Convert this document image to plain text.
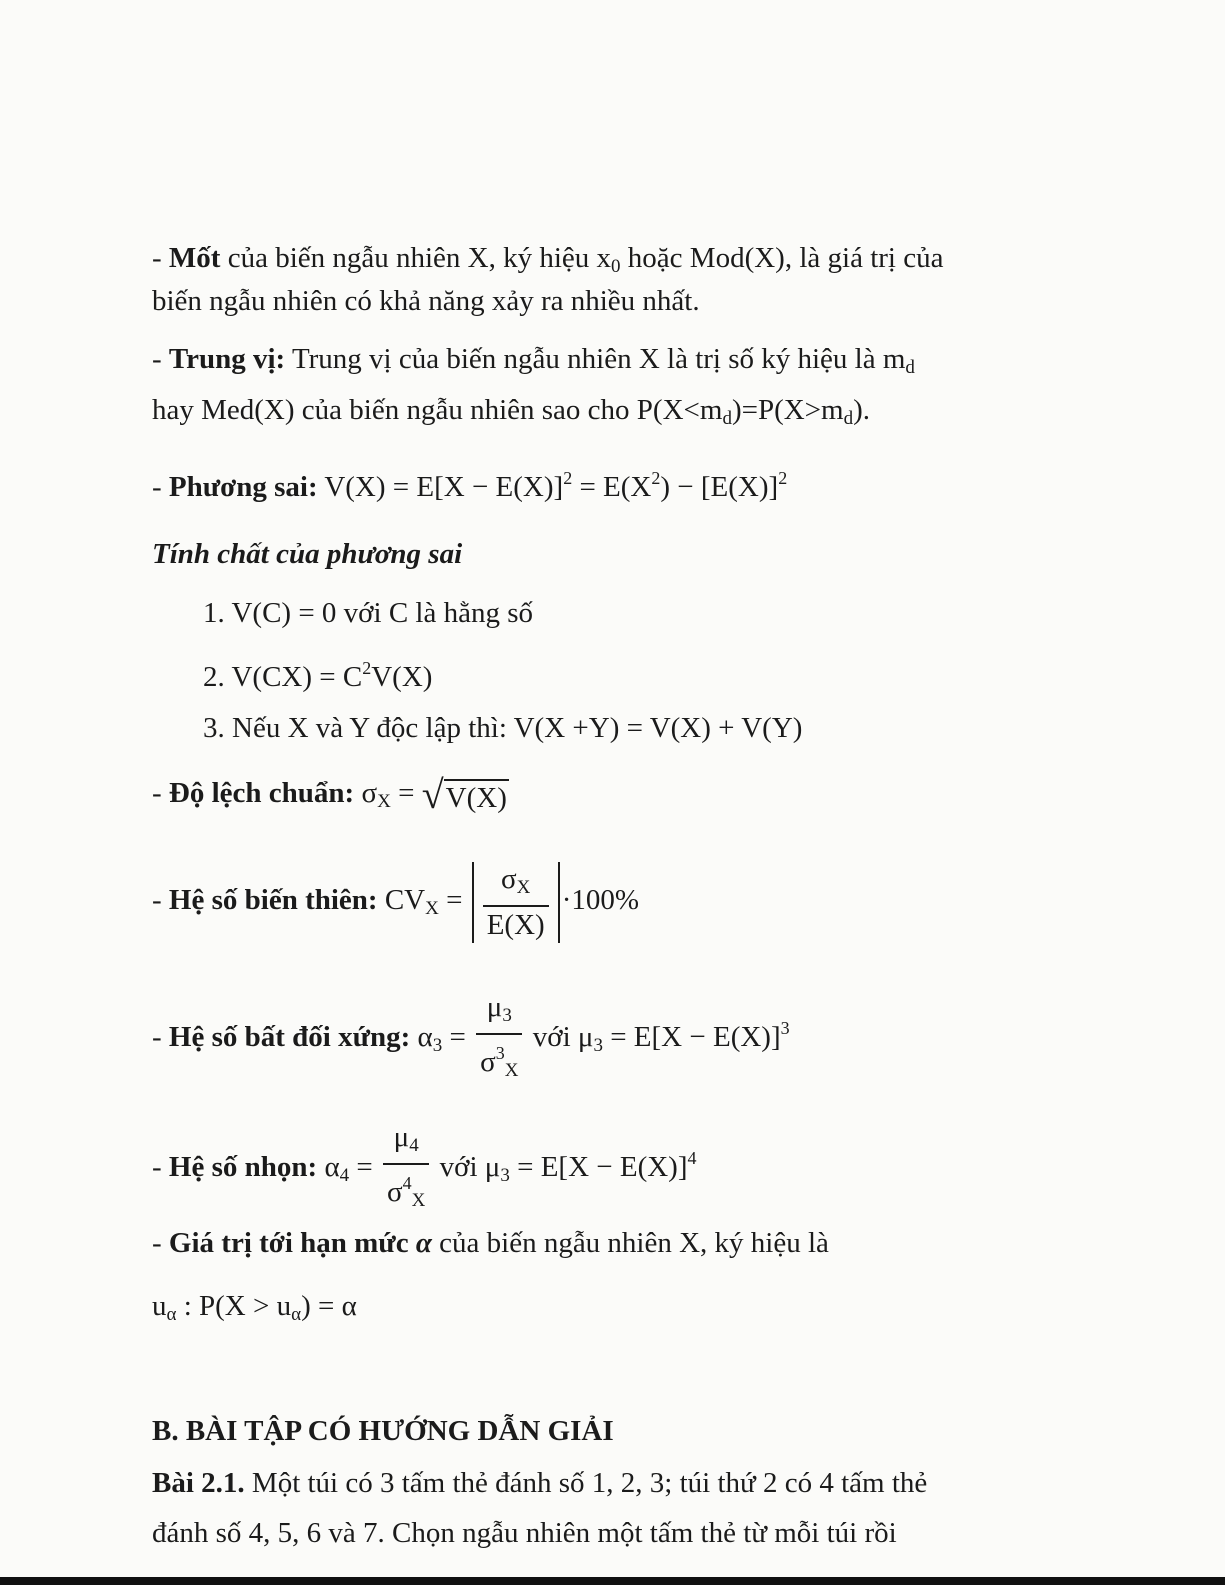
- Mốt của biến ngẫu nhiên X, ký hiệu $x_0$ hoặc Mod(X), là giá trị của
biến ngẫu nhiên có khả năng xảy ra nhiều nhất.
- Trung vị: Trung vị của biến ngẫu nhiên X là trị số ký hiệu là $m_d$
hay Med(X) của biến ngẫu nhiên sao cho $P(X<m_d)=P(X>m_d)$.
- Phương sai: $V(X) = E[X - E(X)]^2 = E(X^2) - [E(X)]^2$
Tính chất của phương sai
1. V(C) = 0 với C là hằng số
2. $V(CX) = C^2V(X)$
3. Nếu X và Y độc lập thì: V(X +Y) = V(X) + V(Y)
- Độ lệch chuẩn: $\sigma_X$ = √ V(X)
- Hệ số biến thiên: $CV_X = \frac{\sigma_X}{E(X)} \cdot 100\%$
- Hệ số bất đối xứng: $\alpha_3 = \frac{\mu_3}{\sigma^3_X}$ với $\mu_3 = E[X - E(X)]^3$
- Hệ số nhọn: $\alpha_4 = \frac{\mu_4}{\sigma^4_X}$ với $\mu_3 = E[X - E(X)]^4$
- Giá trị tới hạn mức α của biến ngẫu nhiên X, ký hiệu là
$u_\alpha$ : $P(X > u_\alpha) = \alpha$
B. BÀI TẬP CÓ HƯỚNG DẪN GIẢI
Bài 2.1. Một túi có 3 tấm thẻ đánh số 1, 2, 3; túi thứ 2 có 4 tấm thẻ
đánh số 4, 5, 6 và 7. Chọn ngẫu nhiên một tấm thẻ từ mỗi túi rồi
